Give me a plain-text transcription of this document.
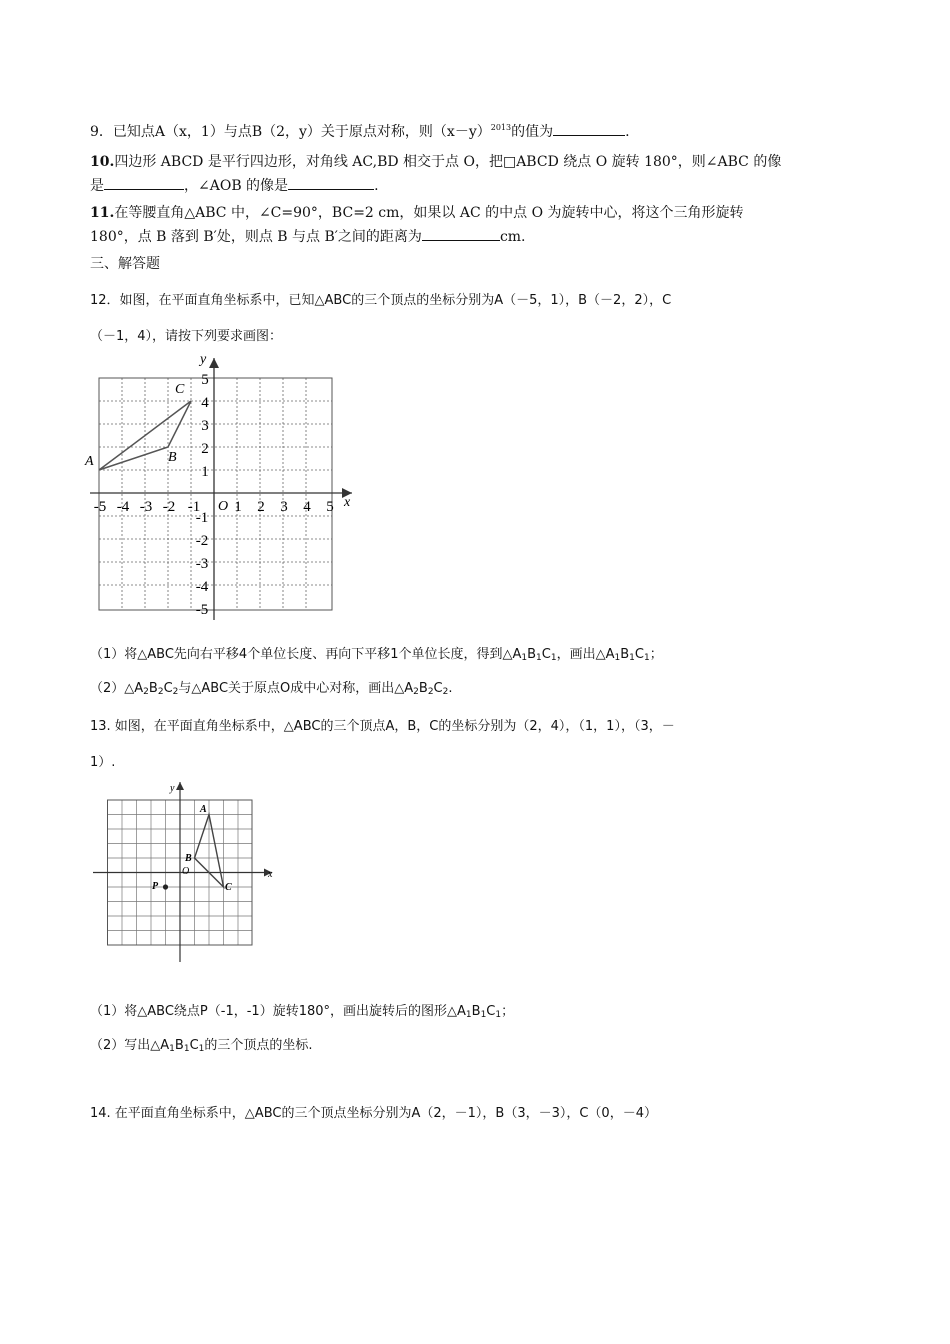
9．已知点A（x，1）与点B（2，y）关于原点对称，则$(x-y)^{2013}$的值为	.
10.四边形 ABCD 是平行四边形，对角线 AC,BD 相交于点 O，把□ABCD 绕点 O 旋转 180°，则∠ABC 的像
是	，∠AOB 的像是	.
11.在等腰直角△ABC 中，∠C=90°，BC=2 cm，如果以 AC 的中点 O 为旋转中心，将这个三角形旋转
180°，点 B 落到 B′处，则点 B 与点 B′之间的距离为	cm.
三、解答题
12．如图，在平面直角坐标系中，已知△ABC的三个顶点的坐标分别为A（－5，1），B（－2，2），C
（－1，4），请按下列要求画图：
x
y
O
A	B
C
-5 -4 -3 -2 -1 1 2 3 4 5
5
4
3
2
1
-1
-2
-3
-4
-5
（1）将△ABC先向右平移4个单位长度、再向下平移1个单位长度，得到$\triangle A_1B_1C_1$，画出$\triangle A_1B_1C_1$；
$(2)\triangle A_2B_2C_2$与△ABC关于原点O成中心对称，画出$\triangle A_2B_2C_2$.
13. 如图，在平面直角坐标系中，△ABC的三个顶点A，B，C的坐标分别为（2，4），（1，1），（3，－
1）.
x
y
O
A
B
C
P
（1）将△ABC绕点P（-1，-1）旋转180°，画出旋转后的图形$\triangle A_1B_1C_1$；
（2）写出$\triangle A_1B_1C_1$的三个顶点的坐标.
14. 在平面直角坐标系中，△ABC的三个顶点坐标分别为A（2，－1），B（3，－3），C（0，－4）
